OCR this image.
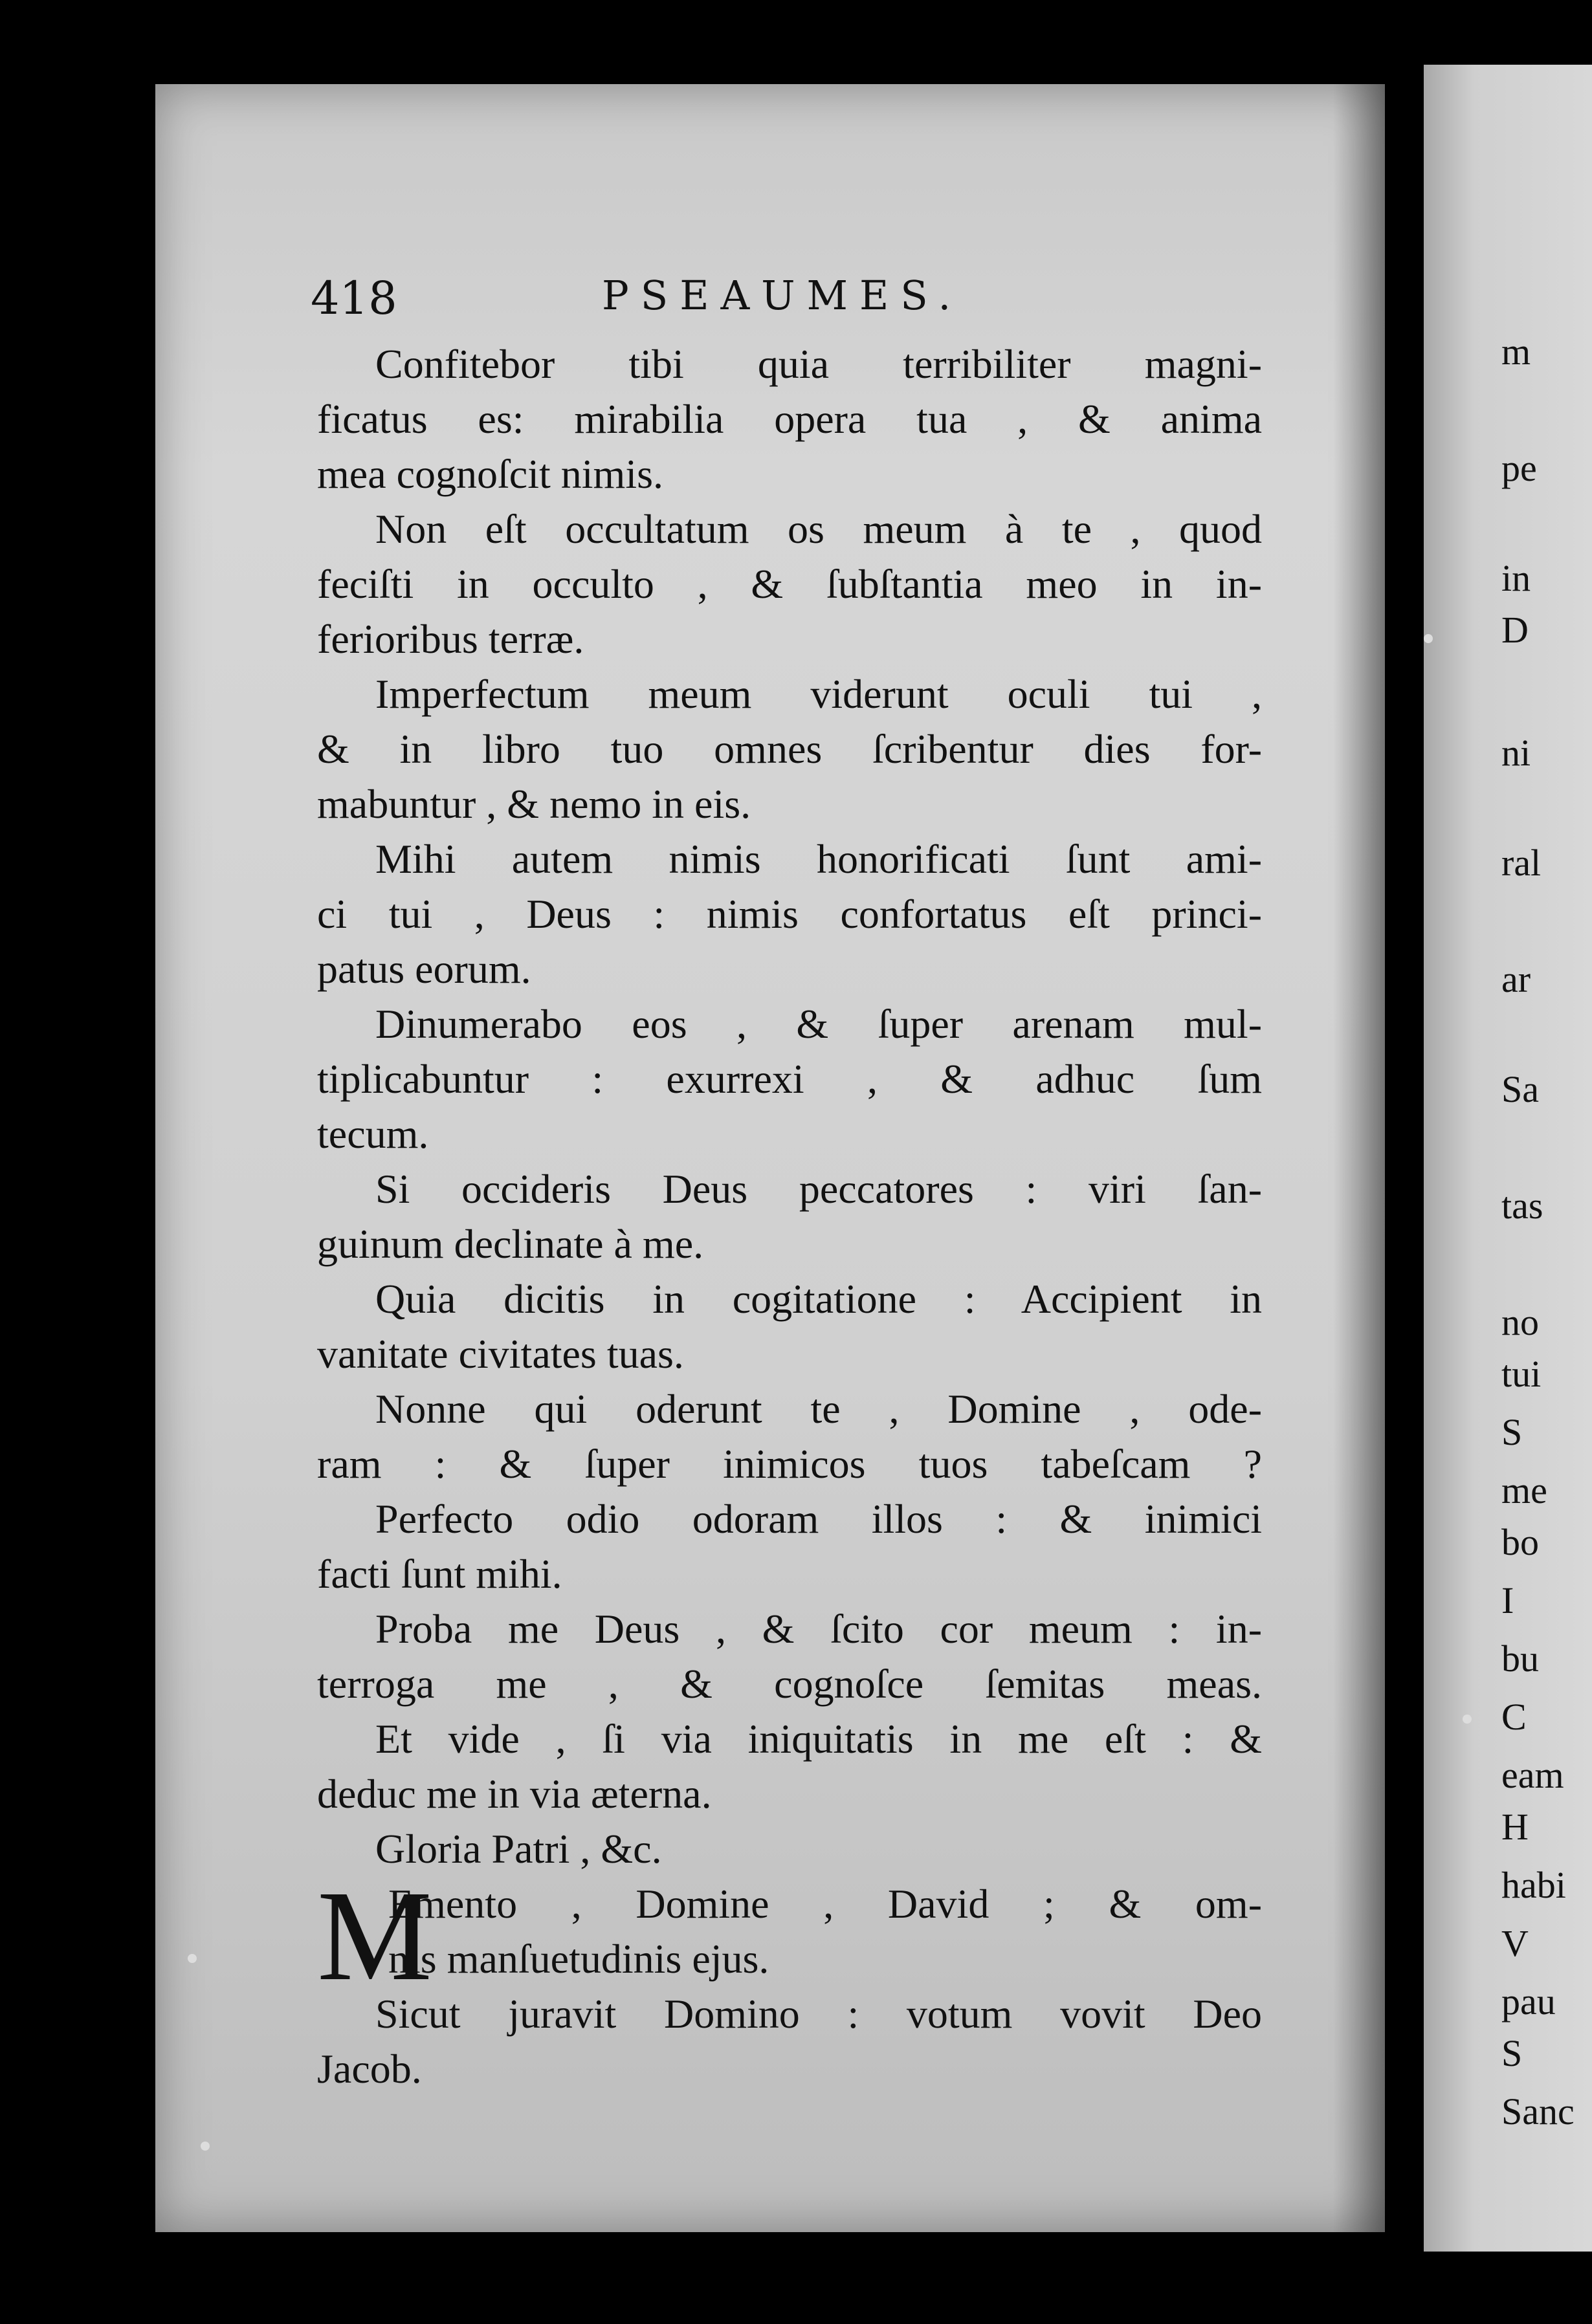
418	PSEAUMES.
Confitebor tibi quia terribiliter magni-
ficatus es: mirabilia opera tua , & anima
mea cognoſcit nimis.
Non eſt occultatum os meum à te , quod
feciſti in occulto , & ſubſtantia meo in in-
ferioribus terræ.
Imperfectum meum viderunt oculi tui ,
& in libro tuo omnes ſcribentur dies for-
mabuntur , & nemo in eis.
Mihi autem nimis honorificati ſunt ami-
ci tui , Deus : nimis confortatus eſt princi-
patus eorum.
Dinumerabo eos , & ſuper arenam mul-
tiplicabuntur : exurrexi , & adhuc ſum
tecum.
Si occideris Deus peccatores : viri ſan-
guinum declinate à me.
Quia dicitis in cogitatione : Accipient in
vanitate civitates tuas.
Nonne qui oderunt te , Domine , ode-
ram : & ſuper inimicos tuos tabeſcam ?
Perfecto odio odoram illos : & inimici
facti ſunt mihi.
Proba me Deus , & ſcito cor meum : in-
terroga me , & cognoſce ſemitas meas.
Et vide , ſi via iniquitatis in me eſt : &
deduc me in via æterna.
Gloria Patri , &c.
M
Emento , Domine , David ; & om-
nis manſuetudinis ejus.
Sicut juravit Domino : votum vovit Deo
Jacob.
m
pe
in
D
ni
ral
ar
Sa
tas
no
tui
S
me
bo
I
bu
C
eam
H
habi
V
pau
S
Sanc
